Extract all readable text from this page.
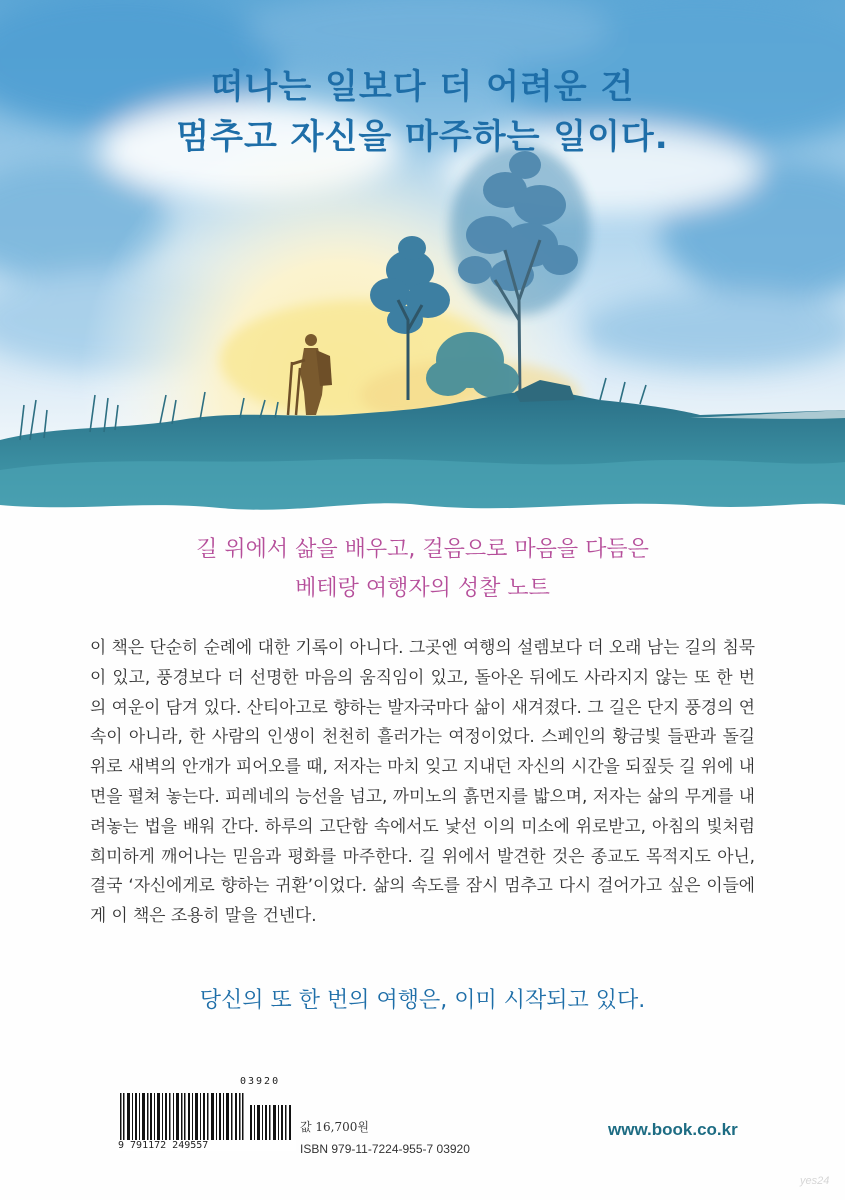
떠나는 일보다 더 어려운 건
멈추고 자신을 마주하는 일이다.
길 위에서 삶을 배우고, 걸음으로 마음을 다듬은
베테랑 여행자의 성찰 노트
이 책은 단순히 순례에 대한 기록이 아니다. 그곳엔 여행의 설렘보다 더 오래 남는 길의 침묵이 있고, 풍경보다 더 선명한 마음의 움직임이 있고, 돌아온 뒤에도 사라지지 않는 또 한 번의 여운이 담겨 있다. 산티아고로 향하는 발자국마다 삶이 새겨졌다. 그 길은 단지 풍경의 연속이 아니라, 한 사람의 인생이 천천히 흘러가는 여정이었다. 스페인의 황금빛 들판과 돌길 위로 새벽의 안개가 피어오를 때, 저자는 마치 잊고 지내던 자신의 시간을 되짚듯 길 위에 내면을 펼쳐 놓는다. 피레네의 능선을 넘고, 까미노의 흙먼지를 밟으며, 저자는 삶의 무게를 내려놓는 법을 배워 간다. 하루의 고단함 속에서도 낯선 이의 미소에 위로받고, 아침의 빛처럼 희미하게 깨어나는 믿음과 평화를 마주한다. 길 위에서 발견한 것은 종교도 목적지도 아닌, 결국 ‘자신에게로 향하는 귀환’이었다. 삶의 속도를 잠시 멈추고 다시 걸어가고 싶은 이들에게 이 책은 조용히 말을 건넨다.
당신의 또 한 번의 여행은, 이미 시작되고 있다.
03920
9 791172 249557
값 16,700원
ISBN 979-11-7224-955-7 03920
www.book.co.kr
yes24
